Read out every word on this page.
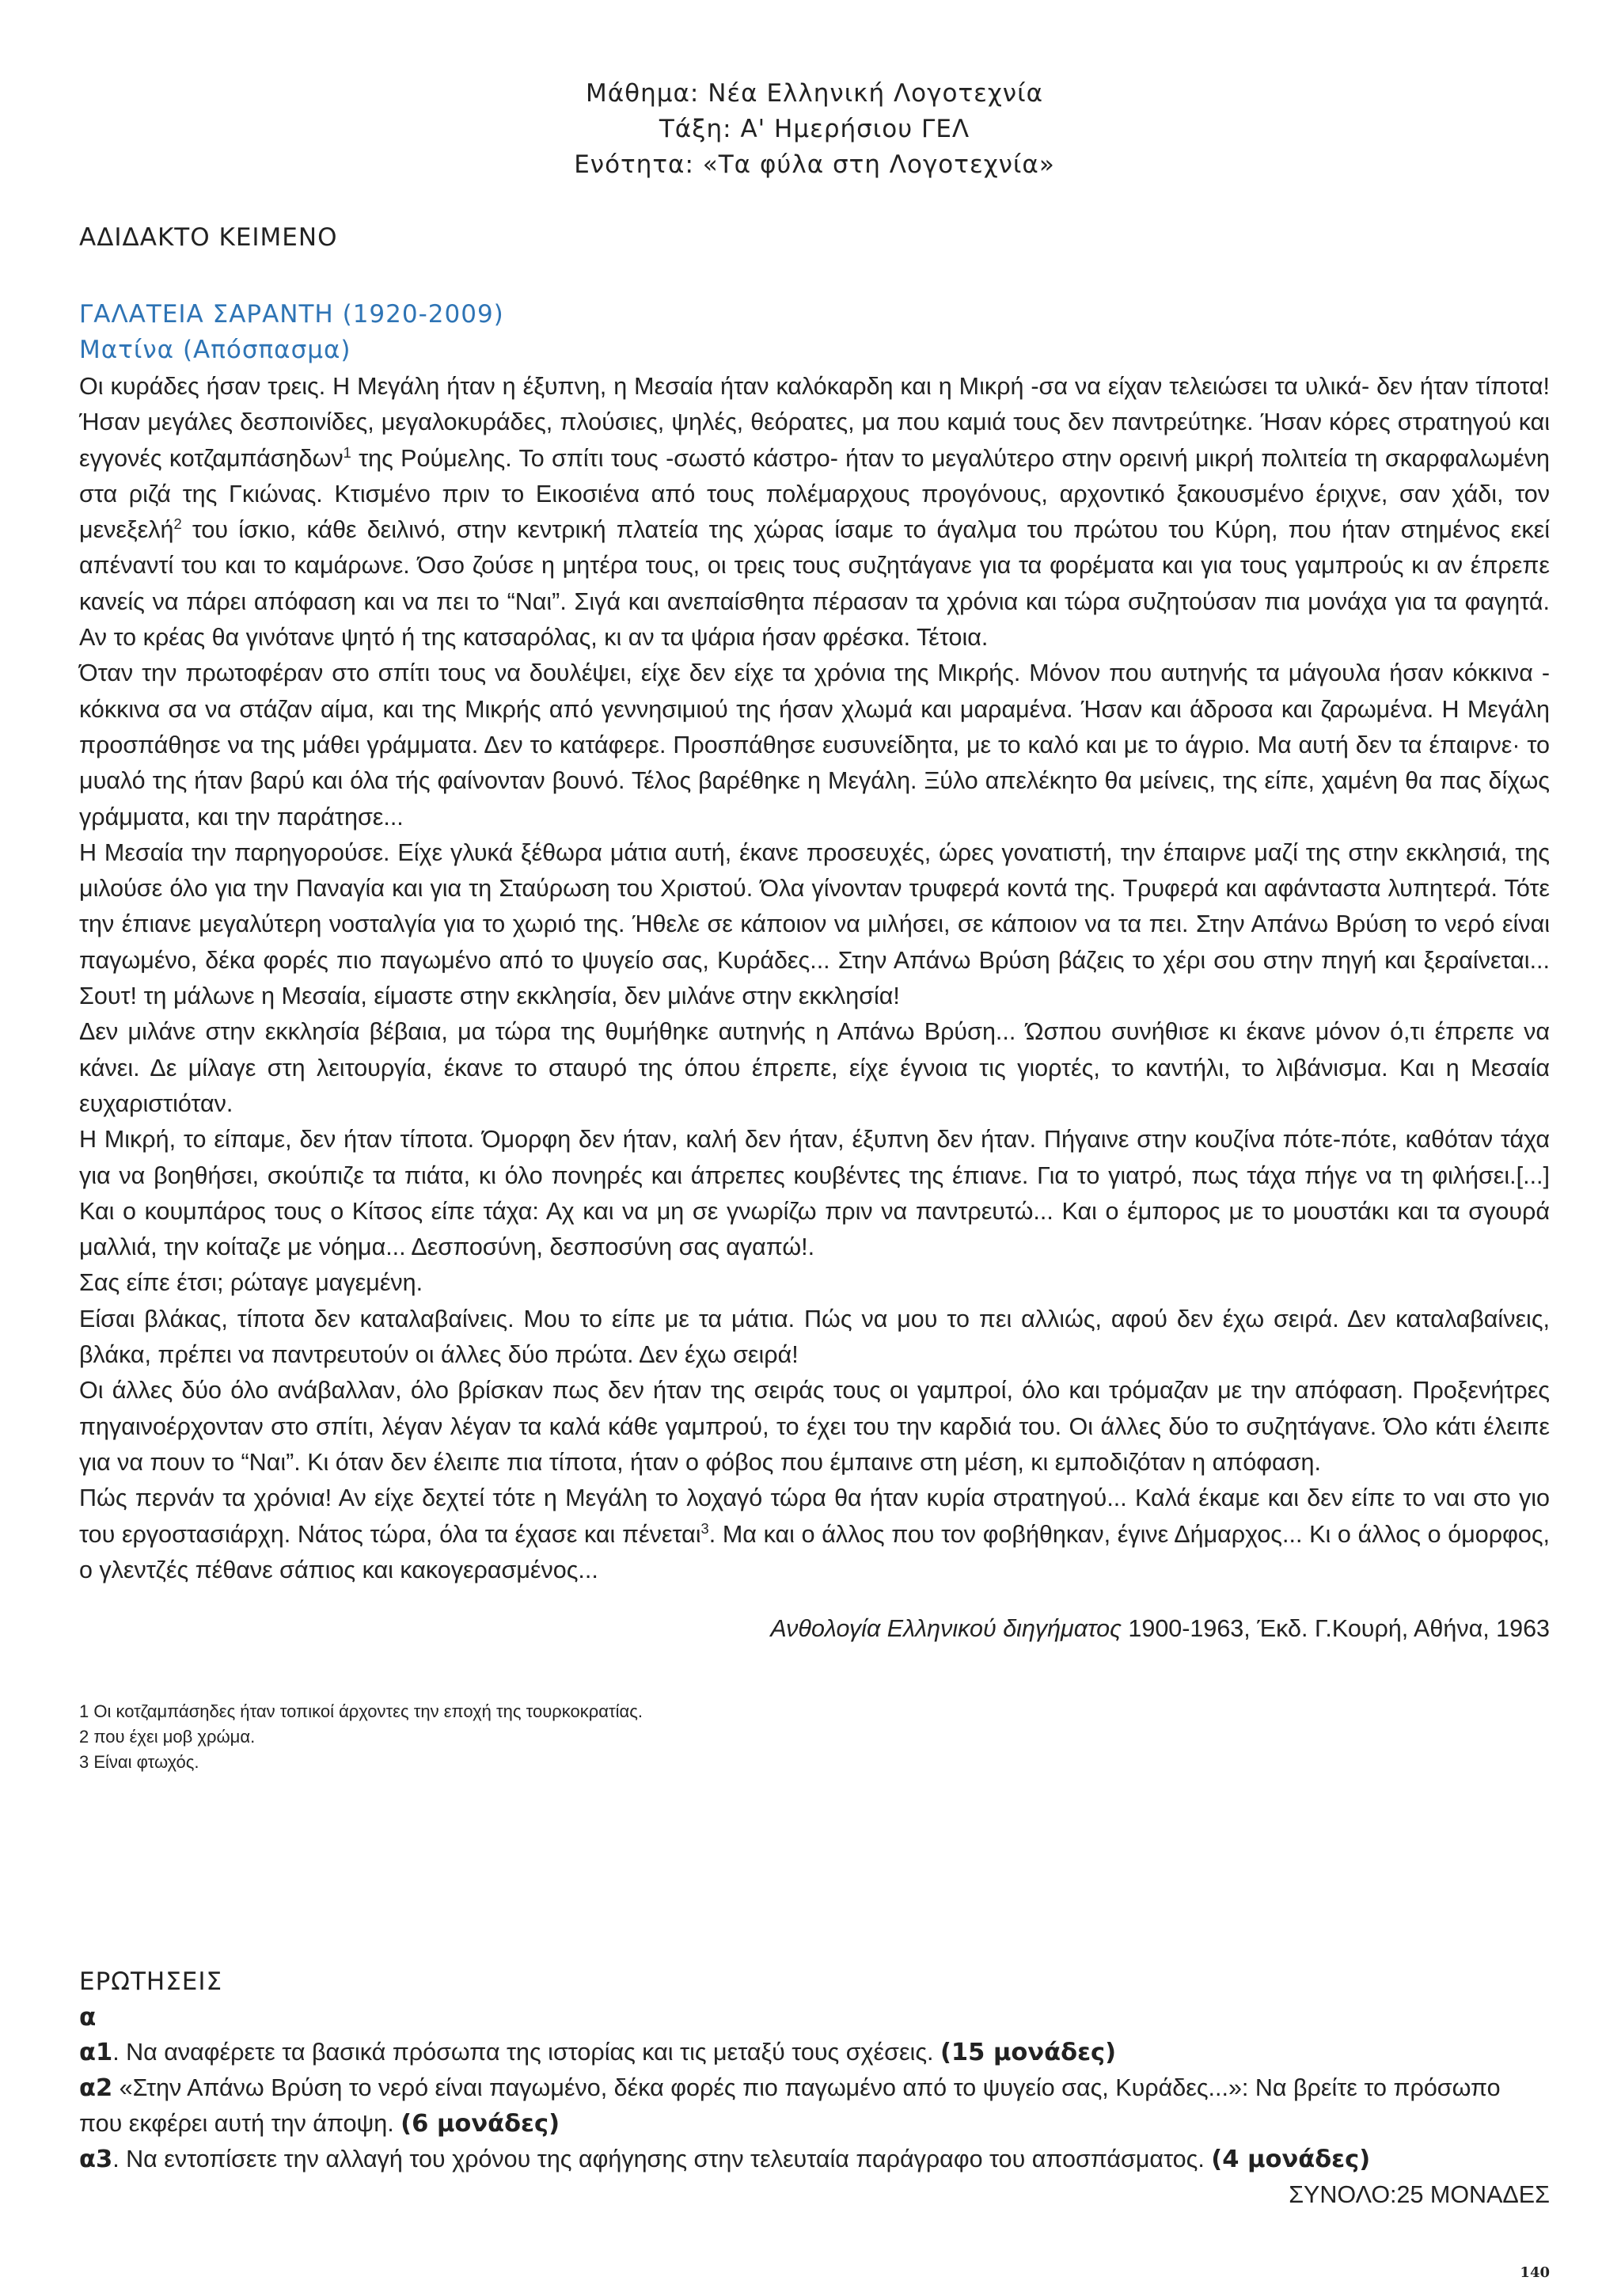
Μάθημα: Νέα Ελληνική Λογοτεχνία
Τάξη: Α' Ημερήσιου ΓΕΛ
Ενότητα: «Τα φύλα στη Λογοτεχνία»
ΑΔΙΔΑΚΤΟ ΚΕΙΜΕΝΟ
ΓΑΛΑΤΕΙΑ ΣΑΡΑΝΤΗ (1920-2009)
Ματίνα (Απόσπασμα)

Οι κυράδες ήσαν τρεις. Η Μεγάλη ήταν η έξυπνη, η Μεσαία ήταν καλόκαρδη και η Μικρή -σα να είχαν τελειώσει τα υλικά- δεν ήταν τίποτα! Ήσαν μεγάλες δεσποινίδες, μεγαλοκυράδες, πλούσιες, ψηλές, θεόρατες, μα που καμιά τους δεν παντρεύτηκε. Ήσαν κόρες στρατηγού και εγγονές κοτζαμπάσηδων$^1$ της Ρούμελης. Το σπίτι τους -σωστό κάστρο- ήταν το μεγαλύτερο στην ορεινή μικρή πολιτεία τη σκαρφαλωμένη στα ριζά της Γκιώνας. Κτισμένο πριν το Εικοσιένα από τους πολέμαρχους προγόνους, αρχοντικό ξακουσμένο έριχνε, σαν χάδι, τον μενεξελή$^2$ του ίσκιο, κάθε δειλινό, στην κεντρική πλατεία της χώρας ίσαμε το άγαλμα του πρώτου του Κύρη, που ήταν στημένος εκεί απέναντί του και το καμάρωνε. Όσο ζούσε η μητέρα τους, οι τρεις τους συζητάγανε για τα φορέματα και για τους γαμπρούς κι αν έπρεπε κανείς να πάρει απόφαση και να πει το “Ναι”. Σιγά και ανεπαίσθητα πέρασαν τα χρόνια και τώρα συζητούσαν πια μονάχα για τα φαγητά. Αν το κρέας θα γινότανε ψητό ή της κατσαρόλας, κι αν τα ψάρια ήσαν φρέσκα. Τέτοια.

Όταν την πρωτοφέραν στο σπίτι τους να δουλέψει, είχε δεν είχε τα χρόνια της Μικρής. Μόνον που αυτηνής τα μάγουλα ήσαν κόκκινα - κόκκινα σα να στάζαν αίμα, και της Μικρής από γεννησιμιού της ήσαν χλωμά και μαραμένα. Ήσαν και άδροσα και ζαρωμένα. Η Μεγάλη προσπάθησε να της μάθει γράμματα. Δεν το κατάφερε. Προσπάθησε ευσυνείδητα, με το καλό και με το άγριο. Μα αυτή δεν τα έπαιρνε· το μυαλό της ήταν βαρύ και όλα τής φαίνονταν βουνό. Τέλος βαρέθηκε η Μεγάλη. Ξύλο απελέκητο θα μείνεις, της είπε, χαμένη θα πας δίχως γράμματα, και την παράτησε...

Η Μεσαία την παρηγορούσε. Είχε γλυκά ξέθωρα μάτια αυτή, έκανε προσευχές, ώρες γονατιστή, την έπαιρνε μαζί της στην εκκλησιά, της μιλούσε όλο για την Παναγία και για τη Σταύρωση του Χριστού. Όλα γίνονταν τρυφερά κοντά της. Τρυφερά και αφάνταστα λυπητερά. Τότε την έπιανε μεγαλύτερη νοσταλγία για το χωριό της. Ήθελε σε κάποιον να μιλήσει, σε κάποιον να τα πει. Στην Απάνω Βρύση το νερό είναι παγωμένο, δέκα φορές πιο παγωμένο από το ψυγείο σας, Κυράδες... Στην Απάνω Βρύση βάζεις το χέρι σου στην πηγή και ξεραίνεται... Σουτ! τη μάλωνε η Μεσαία, είμαστε στην εκκλησία, δεν μιλάνε στην εκκλησία!

Δεν μιλάνε στην εκκλησία βέβαια, μα τώρα της θυμήθηκε αυτηνής η Απάνω Βρύση... Ώσπου συνήθισε κι έκανε μόνον ό,τι έπρεπε να κάνει. Δε μίλαγε στη λειτουργία, έκανε το σταυρό της όπου έπρεπε, είχε έγνοια τις γιορτές, το καντήλι, το λιβάνισμα. Και η Μεσαία ευχαριστιόταν.

Η Μικρή, το είπαμε, δεν ήταν τίποτα. Όμορφη δεν ήταν, καλή δεν ήταν, έξυπνη δεν ήταν. Πήγαινε στην κουζίνα πότε-πότε, καθόταν τάχα για να βοηθήσει, σκούπιζε τα πιάτα, κι όλο πονηρές και άπρεπες κουβέντες της έπιανε. Για το γιατρό, πως τάχα πήγε να τη φιλήσει.[...] Και ο κουμπάρος τους ο Κίτσος είπε τάχα: Αχ και να μη σε γνωρίζω πριν να παντρευτώ... Και ο έμπορος με το μουστάκι και τα σγουρά μαλλιά, την κοίταζε με νόημα... Δεσποσύνη, δεσποσύνη σας αγαπώ!.

Σας είπε έτσι; ρώταγε μαγεμένη.

Είσαι βλάκας, τίποτα δεν καταλαβαίνεις. Μου το είπε με τα μάτια. Πώς να μου το πει αλλιώς, αφού δεν έχω σειρά. Δεν καταλαβαίνεις, βλάκα, πρέπει να παντρευτούν οι άλλες δύο πρώτα. Δεν έχω σειρά!

Οι άλλες δύο όλο ανάβαλλαν, όλο βρίσκαν πως δεν ήταν της σειράς τους οι γαμπροί, όλο και τρόμαζαν με την απόφαση. Προξενήτρες πηγαινοέρχονταν στο σπίτι, λέγαν λέγαν τα καλά κάθε γαμπρού, το έχει του την καρδιά του. Οι άλλες δύο το συζητάγανε. Όλο κάτι έλειπε για να πουν το “Ναι”. Κι όταν δεν έλειπε πια τίποτα, ήταν ο φόβος που έμπαινε στη μέση, κι εμποδιζόταν η απόφαση.

Πώς περνάν τα χρόνια! Αν είχε δεχτεί τότε η Μεγάλη το λοχαγό τώρα θα ήταν κυρία στρατηγού... Καλά έκαμε και δεν είπε το ναι στο γιο του εργοστασιάρχη. Νάτος τώρα, όλα τα έχασε και πένεται$^3$. Μα και ο άλλος που τον φοβήθηκαν, έγινε Δήμαρχος... Κι ο άλλος ο όμορφος, ο γλεντζές πέθανε σάπιος και κακογερασμένος...

Ανθολογία Ελληνικού διηγήματος 1900-1963, Έκδ. Γ.Κουρή, Αθήνα, 1963
1 Οι κοτζαμπάσηδες ήταν τοπικοί άρχοντες την εποχή της τουρκοκρατίας.
2 που έχει μοβ χρώμα.
3 Είναι φτωχός.
ΕΡΩΤΗΣΕΙΣ
α
α1. Να αναφέρετε τα βασικά πρόσωπα της ιστορίας και τις μεταξύ τους σχέσεις. (15 μονάδες)
α2 «Στην Απάνω Βρύση το νερό είναι παγωμένο, δέκα φορές πιο παγωμένο από το ψυγείο σας, Κυράδες...»: Να βρείτε το πρόσωπο που εκφέρει αυτή την άποψη. (6 μονάδες)
α3. Να εντοπίσετε την αλλαγή του χρόνου της αφήγησης στην τελευταία παράγραφο του αποσπάσματος. (4 μονάδες)
ΣΥΝΟΛΟ:25 ΜΟΝΑΔΕΣ
140
